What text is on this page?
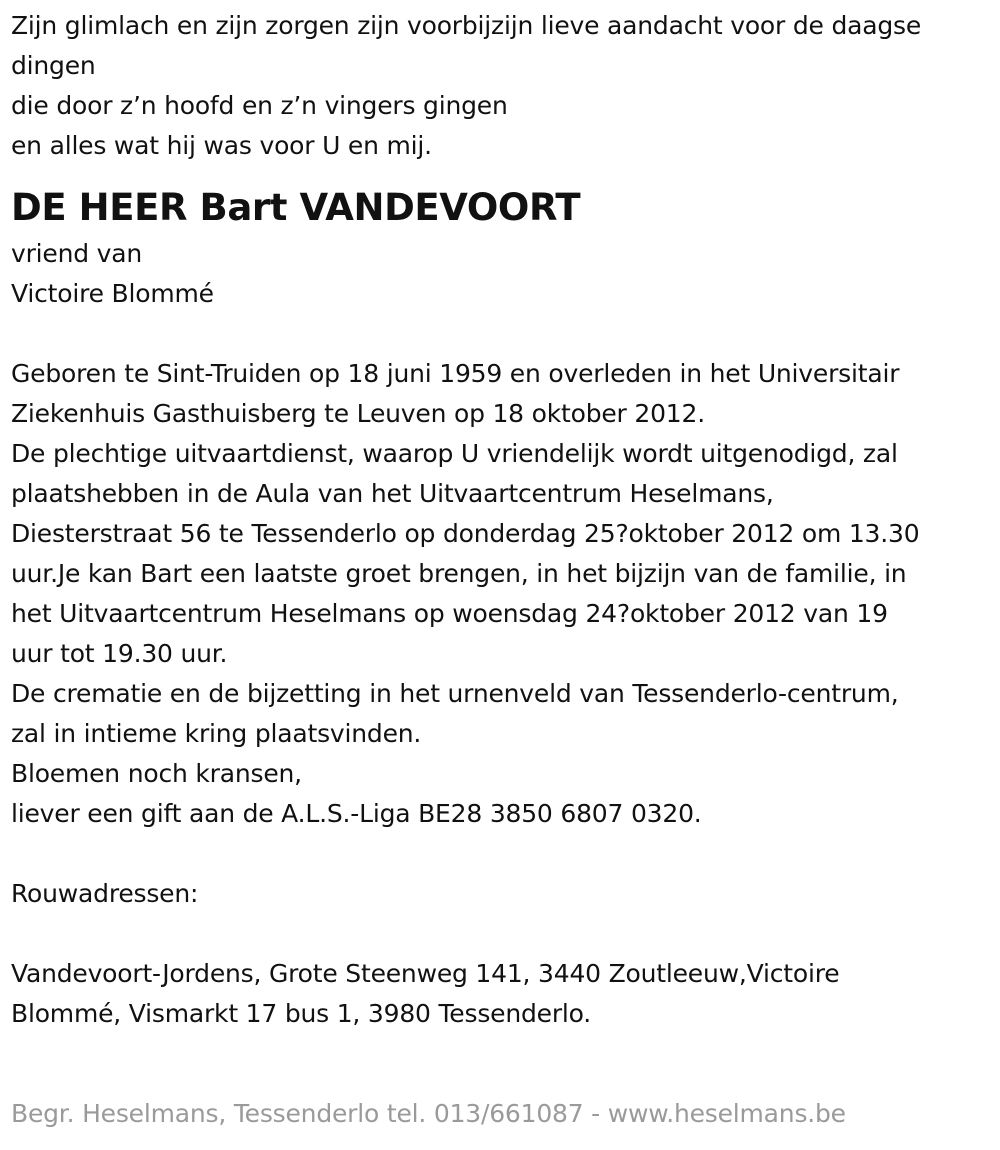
Zijn glimlach en zijn zorgen zijn voorbijzijn lieve aandacht voor de daagse dingen
die door z’n hoofd en z’n vingers gingen
en alles wat hij was voor U en mij.
DE HEER Bart VANDEVOORT
vriend van
Victoire Blommé
Geboren te Sint-Truiden op 18 juni 1959 en overleden in het Universitair
Ziekenhuis Gasthuisberg te Leuven op 18 oktober 2012.
De plechtige uitvaartdienst, waarop U vriendelijk wordt uitgenodigd, zal
plaatshebben in de Aula van het Uitvaartcentrum Heselmans,
Diesterstraat 56 te Tessenderlo op donderdag 25?oktober 2012 om 13.30
uur.Je kan Bart een laatste groet brengen, in het bijzijn van de familie, in
het Uitvaartcentrum Heselmans op woensdag 24?oktober 2012 van 19
uur tot 19.30 uur.
De crematie en de bijzetting in het urnenveld van Tessenderlo-centrum,
zal in intieme kring plaatsvinden.
Bloemen noch kransen,
liever een gift aan de A.L.S.-Liga BE28 3850 6807 0320.
Rouwadressen:
Vandevoort-Jordens, Grote Steenweg 141, 3440 Zoutleeuw,Victoire
Blommé, Vismarkt 17 bus 1, 3980 Tessenderlo.
Begr. Heselmans, Tessenderlo tel. 013/661087 - www.heselmans.be
